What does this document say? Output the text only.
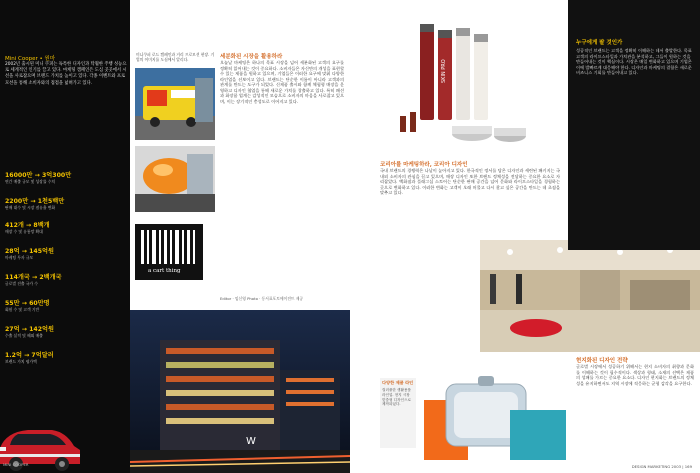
Mini Cooper • 원마
2002년 출시된 미니 쿠퍼는 독특한 디자인과 탁월한 주행 성능으로 세계적인 인기를 끌고 있다. 마케팅 캠페인은 도심 곳곳에서 시선을 사로잡으며 브랜드 가치를 높이고 있다. 각종 이벤트와 프로모션을 통해 소비자와의 접점을 넓혀가고 있다.
16000만 → 3억300만
연간 매출 규모 및 성장률 수치
2200만 → 1천5백만
판매 대수 및 시장 점유율 변화
412개 → 8백개
매장 수 및 유통망 확대
28억 → 145억원
마케팅 투자 규모
114개국 → 2백개국
글로벌 진출 국가 수
55만 → 60만명
회원 수 및 고객 기반
27억 → 142억원
수출 실적 및 해외 매출
1.2억 → 7억달러
브랜드 가치 평가액
MINI COOPER
미니쿠퍼 로드 캠페인과 거리 프로모션 현장. 기업의 이미지를 도심에서 알리다.
a cart thing
W
세분화된 시장을 활용하라
오늘날 마케팅은 하나의 목표 시장을 넘어 세분화된 고객의 요구를 정확히 읽어내는 것이 중요하다. 소비자들은 자신만의 개성을 표현할 수 있는 제품을 원하고 있으며, 기업들은 이러한 요구에 맞춰 다양한 라인업을 선보이고 있다. 브랜드는 단순한 이름이 아니라 고객과의 관계를 만드는 도구가 되었다. 신제품 출시와 함께 체험형 매장을 운영하고 디자인 협업을 통해 새로운 가치를 창출하고 있다. 특히 패션과 화장품 업계는 감성적인 모습으로 소비자의 마음을 사로잡고 있으며, 이는 장기적인 충성도로 이어지고 있다.
Editor · 임신영 Photo · 동서표포토에이전트 제공
SKIN PRO
코리아를 마케팅하라, 코리아 디자인
국내 브랜드의 경쟁력은 나날이 높아지고 있다. 한국적인 정서를 담은 디자인과 세련된 패키지는 국내외 소비자의 관심을 끌고 있으며, 매장 디자인 또한 브랜드 정체성을 전달하는 중요한 요소로 자리잡았다. 백화점과 플래그십 스토어는 단순한 판매 공간을 넘어 문화와 라이프스타일을 경험하는 곳으로 변화하고 있다. 이러한 변화는 고객이 오래 머물고 다시 찾고 싶은 공간을 만드는 데 초점을 맞추고 있다.
누구에게 팔 것인가
성공적인 브랜드는 고객을 정확히 이해하는 데서 출발한다. 목표 고객의 라이프스타일과 가치관을 분석하고, 그들이 원하는 것을 만들어내는 것이 핵심이다. 시장은 매일 변화하고 있으며 기업은 이에 발빠르게 대응해야 한다. 디자인과 마케팅의 결합은 새로운 비즈니스 기회를 만들어내고 있다.
현지화된 디자인 전략
글로벌 시장에서 성공하기 위해서는 현지 소비자의 취향과 문화를 이해하는 것이 필수적이다. 색상과 형태, 소재의 선택은 제품의 성패를 가르는 중요한 요소다. 디자인 현지화는 브랜드의 정체성을 유지하면서도 지역 시장에 적응하는 균형 감각을 요구한다.
다양한 제품 라인
컬러풀한 생활용품 라인업. 현지 시장 맞춤형 디자인으로 제작되었다.
DESIGN MARKETING 2003 | 169
